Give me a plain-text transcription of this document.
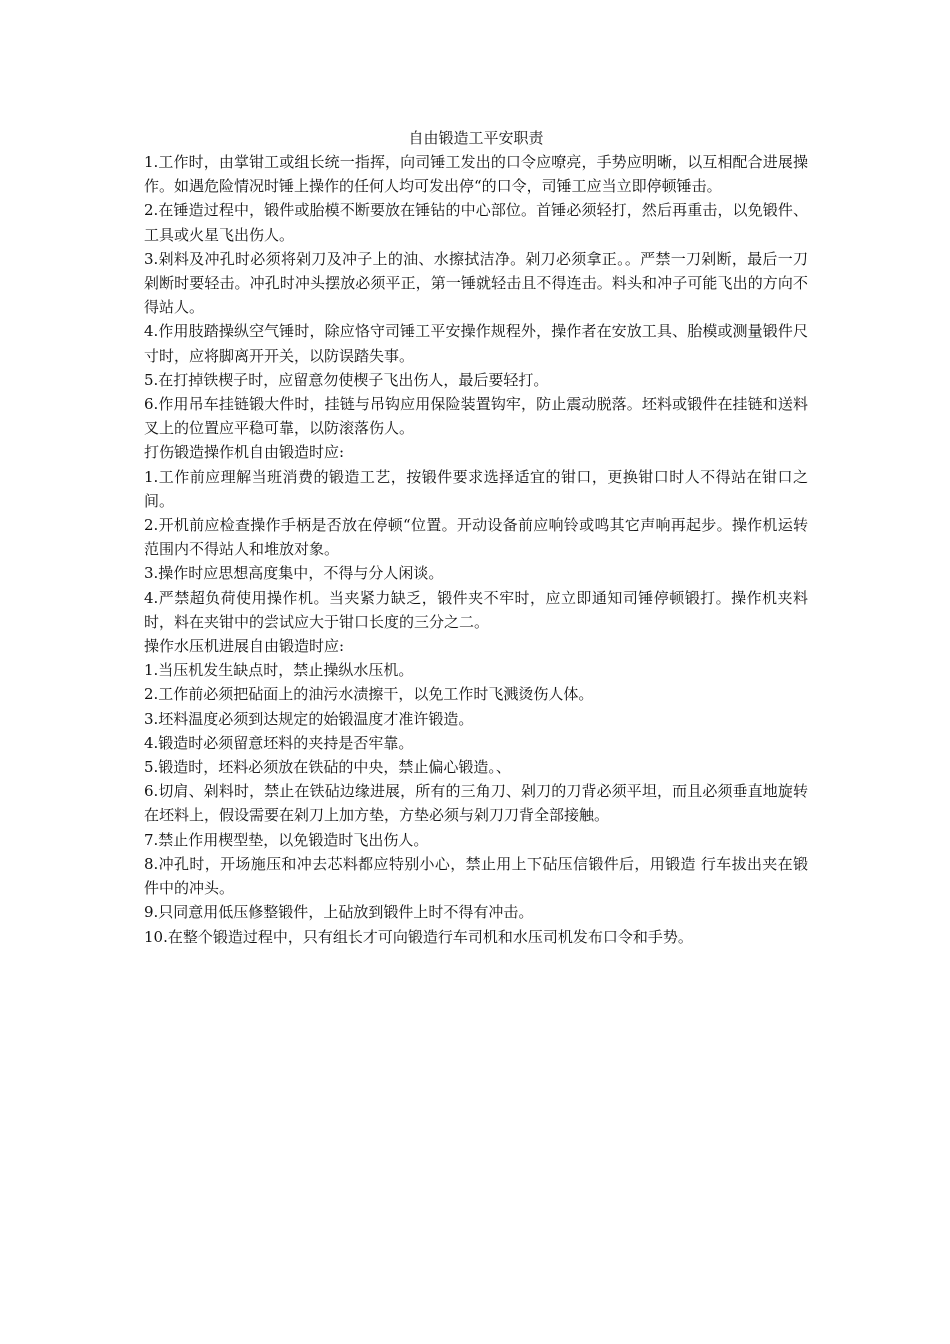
自由锻造工平安职责

1.工作时，由掌钳工或组长统一指挥，向司锤工发出的口令应嘹亮，手势应明晰，以互相配合进展操作。如遇危险情况时锤上操作的任何人均可发出停“的口令，司锤工应当立即停顿锤击。

2.在锤造过程中，锻件或胎模不断要放在锤钻的中心部位。首锤必须轻打，然后再重击，以免锻件、工具或火星飞出伤人。

3.剁料及冲孔时必须将剁刀及冲子上的油、水擦拭洁净。剁刀必须拿正。。严禁一刀剁断，最后一刀剁断时要轻击。冲孔时冲头摆放必须平正，第一锤就轻击且不得连击。料头和冲子可能飞出的方向不得站人。

4.作用肢踏操纵空气锤时，除应恪守司锤工平安操作规程外，操作者在安放工具、胎模或测量锻件尺寸时，应将脚离开开关，以防误踏失事。

5.在打掉铁楔子时，应留意勿使楔子飞出伤人，最后要轻打。

6.作用吊车挂链锻大件时，挂链与吊钩应用保险装置钩牢，防止震动脱落。坯料或锻件在挂链和送料叉上的位置应平稳可靠，以防滚落伤人。

打伤锻造操作机自由锻造时应:

1.工作前应理解当班消费的锻造工艺，按锻件要求选择适宜的钳口，更换钳口时人不得站在钳口之间。

2.开机前应检查操作手柄是否放在停顿“位置。开动设备前应响铃或鸣其它声响再起步。操作机运转范围内不得站人和堆放对象。

3.操作时应思想高度集中，不得与分人闲谈。

4.严禁超负荷使用操作机。当夹紧力缺乏，锻件夹不牢时，应立即通知司锤停顿锻打。操作机夹料时，料在夹钳中的尝试应大于钳口长度的三分之二。

操作水压机进展自由锻造时应:

1.当压机发生缺点时，禁止操纵水压机。

2.工作前必须把砧面上的油污水渍擦干，以免工作时飞溅烫伤人体。

3.坯料温度必须到达规定的始锻温度才准许锻造。

4.锻造时必须留意坯料的夹持是否牢靠。

5.锻造时，坯料必须放在铁砧的中央，禁止偏心锻造。、

6.切肩、剁料时，禁止在铁砧边缘进展，所有的三角刀、剁刀的刀背必须平坦，而且必须垂直地旋转在坯料上，假设需要在剁刀上加方垫，方垫必须与剁刀刀背全部接触。

7.禁止作用楔型垫，以免锻造时飞出伤人。

8.冲孔时，开场施压和冲去芯料都应特别小心，禁止用上下砧压信锻件后，用锻造 行车拔出夹在锻件中的冲头。

9.只同意用低压修整锻件，上砧放到锻件上时不得有冲击。

10.在整个锻造过程中，只有组长才可向锻造行车司机和水压司机发布口令和手势。
